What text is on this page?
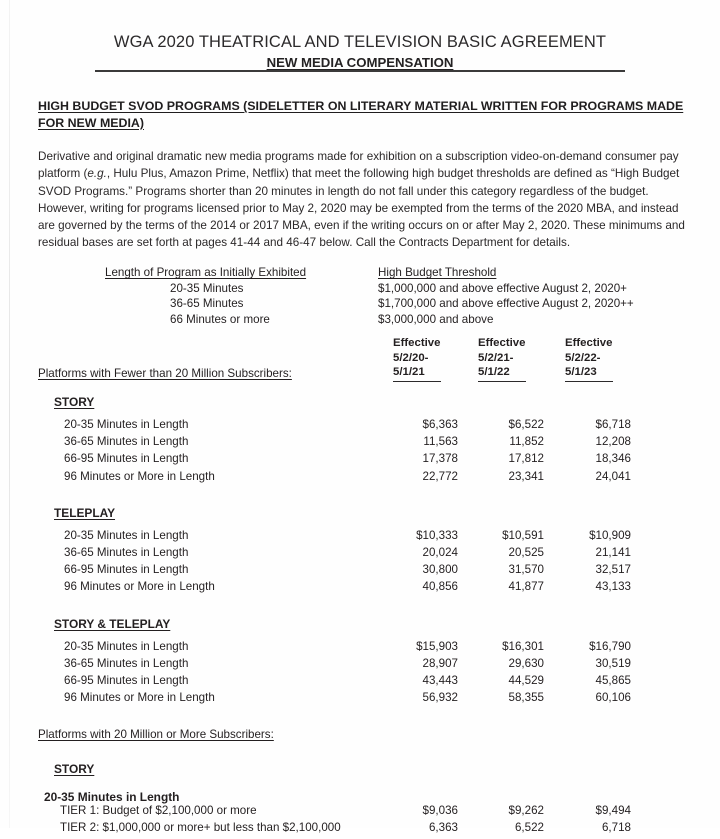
WGA 2020 THEATRICAL AND TELEVISION BASIC AGREEMENT
NEW MEDIA COMPENSATION
HIGH BUDGET SVOD PROGRAMS (SIDELETTER ON LITERARY MATERIAL WRITTEN FOR PROGRAMS MADE FOR NEW MEDIA)
Derivative and original dramatic new media programs made for exhibition on a subscription video-on-demand consumer pay platform (e.g., Hulu Plus, Amazon Prime, Netflix) that meet the following high budget thresholds are defined as “High Budget SVOD Programs.” Programs shorter than 20 minutes in length do not fall under this category regardless of the budget. However, writing for programs licensed prior to May 2, 2020 may be exempted from the terms of the 2020 MBA, and instead are governed by the terms of the 2014 or 2017 MBA, even if the writing occurs on or after May 2, 2020. These minimums and residual bases are set forth at pages 41-44 and 46-47 below. Call the Contracts Department for details.
Length of Program as Initially Exhibited	High Budget Threshold
20-35 Minutes	$1,000,000 and above effective August 2, 2020+
36-65 Minutes	$1,700,000 and above effective August 2, 2020++
66 Minutes or more	$3,000,000 and above
Effective
5/2/20-
5/1/21
Effective
5/2/21-
5/1/22
Effective
5/2/22-
5/1/23
Platforms with Fewer than 20 Million Subscribers:
STORY
20-35 Minutes in Length	$6,363	$6,522	$6,718
36-65 Minutes in Length	11,563	11,852	12,208
66-95 Minutes in Length	17,378	17,812	18,346
96 Minutes or More in Length	22,772	23,341	24,041
TELEPLAY
20-35 Minutes in Length	$10,333	$10,591	$10,909
36-65 Minutes in Length	20,024	20,525	21,141
66-95 Minutes in Length	30,800	31,570	32,517
96 Minutes or More in Length	40,856	41,877	43,133
STORY & TELEPLAY
20-35 Minutes in Length	$15,903	$16,301	$16,790
36-65 Minutes in Length	28,907	29,630	30,519
66-95 Minutes in Length	43,443	44,529	45,865
96 Minutes or More in Length	56,932	58,355	60,106
Platforms with 20 Million or More Subscribers:
STORY
20-35 Minutes in Length
TIER 1: Budget of $2,100,000 or more	$9,036	$9,262	$9,494
TIER 2: $1,000,000 or more+ but less than $2,100,000	6,363	6,522	6,718
